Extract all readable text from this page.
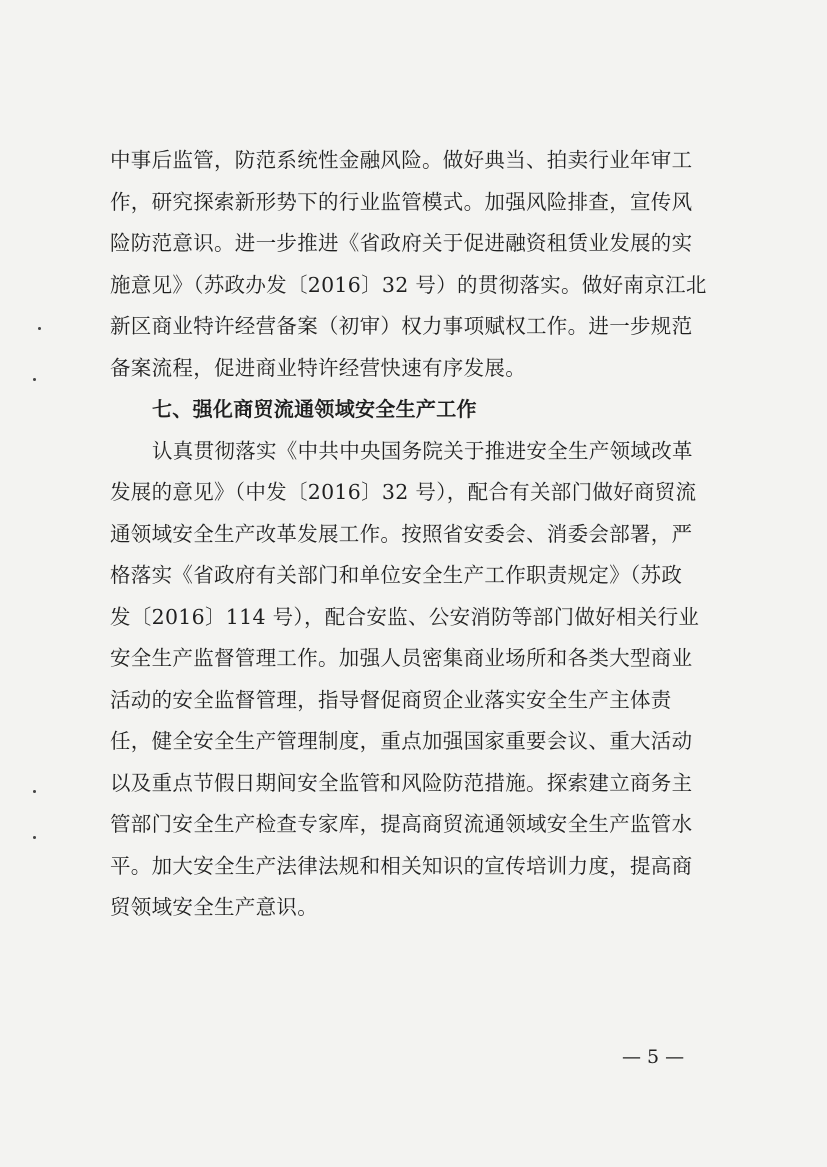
中事后监管，防范系统性金融风险。做好典当、拍卖行业年审工
作，研究探索新形势下的行业监管模式。加强风险排查，宣传风
险防范意识。进一步推进《省政府关于促进融资租赁业发展的实
施意见》（苏政办发〔2016〕32 号）的贯彻落实。做好南京江北
新区商业特许经营备案（初审）权力事项赋权工作。进一步规范
备案流程，促进商业特许经营快速有序发展。
七、强化商贸流通领域安全生产工作
认真贯彻落实《中共中央国务院关于推进安全生产领域改革
发展的意见》（中发〔2016〕32 号），配合有关部门做好商贸流
通领域安全生产改革发展工作。按照省安委会、消委会部署，严
格落实《省政府有关部门和单位安全生产工作职责规定》（苏政
发〔2016〕114 号），配合安监、公安消防等部门做好相关行业
安全生产监督管理工作。加强人员密集商业场所和各类大型商业
活动的安全监督管理，指导督促商贸企业落实安全生产主体责
任，健全安全生产管理制度，重点加强国家重要会议、重大活动
以及重点节假日期间安全监管和风险防范措施。探索建立商务主
管部门安全生产检查专家库，提高商贸流通领域安全生产监管水
平。加大安全生产法律法规和相关知识的宣传培训力度，提高商
贸领域安全生产意识。
— 5 —
